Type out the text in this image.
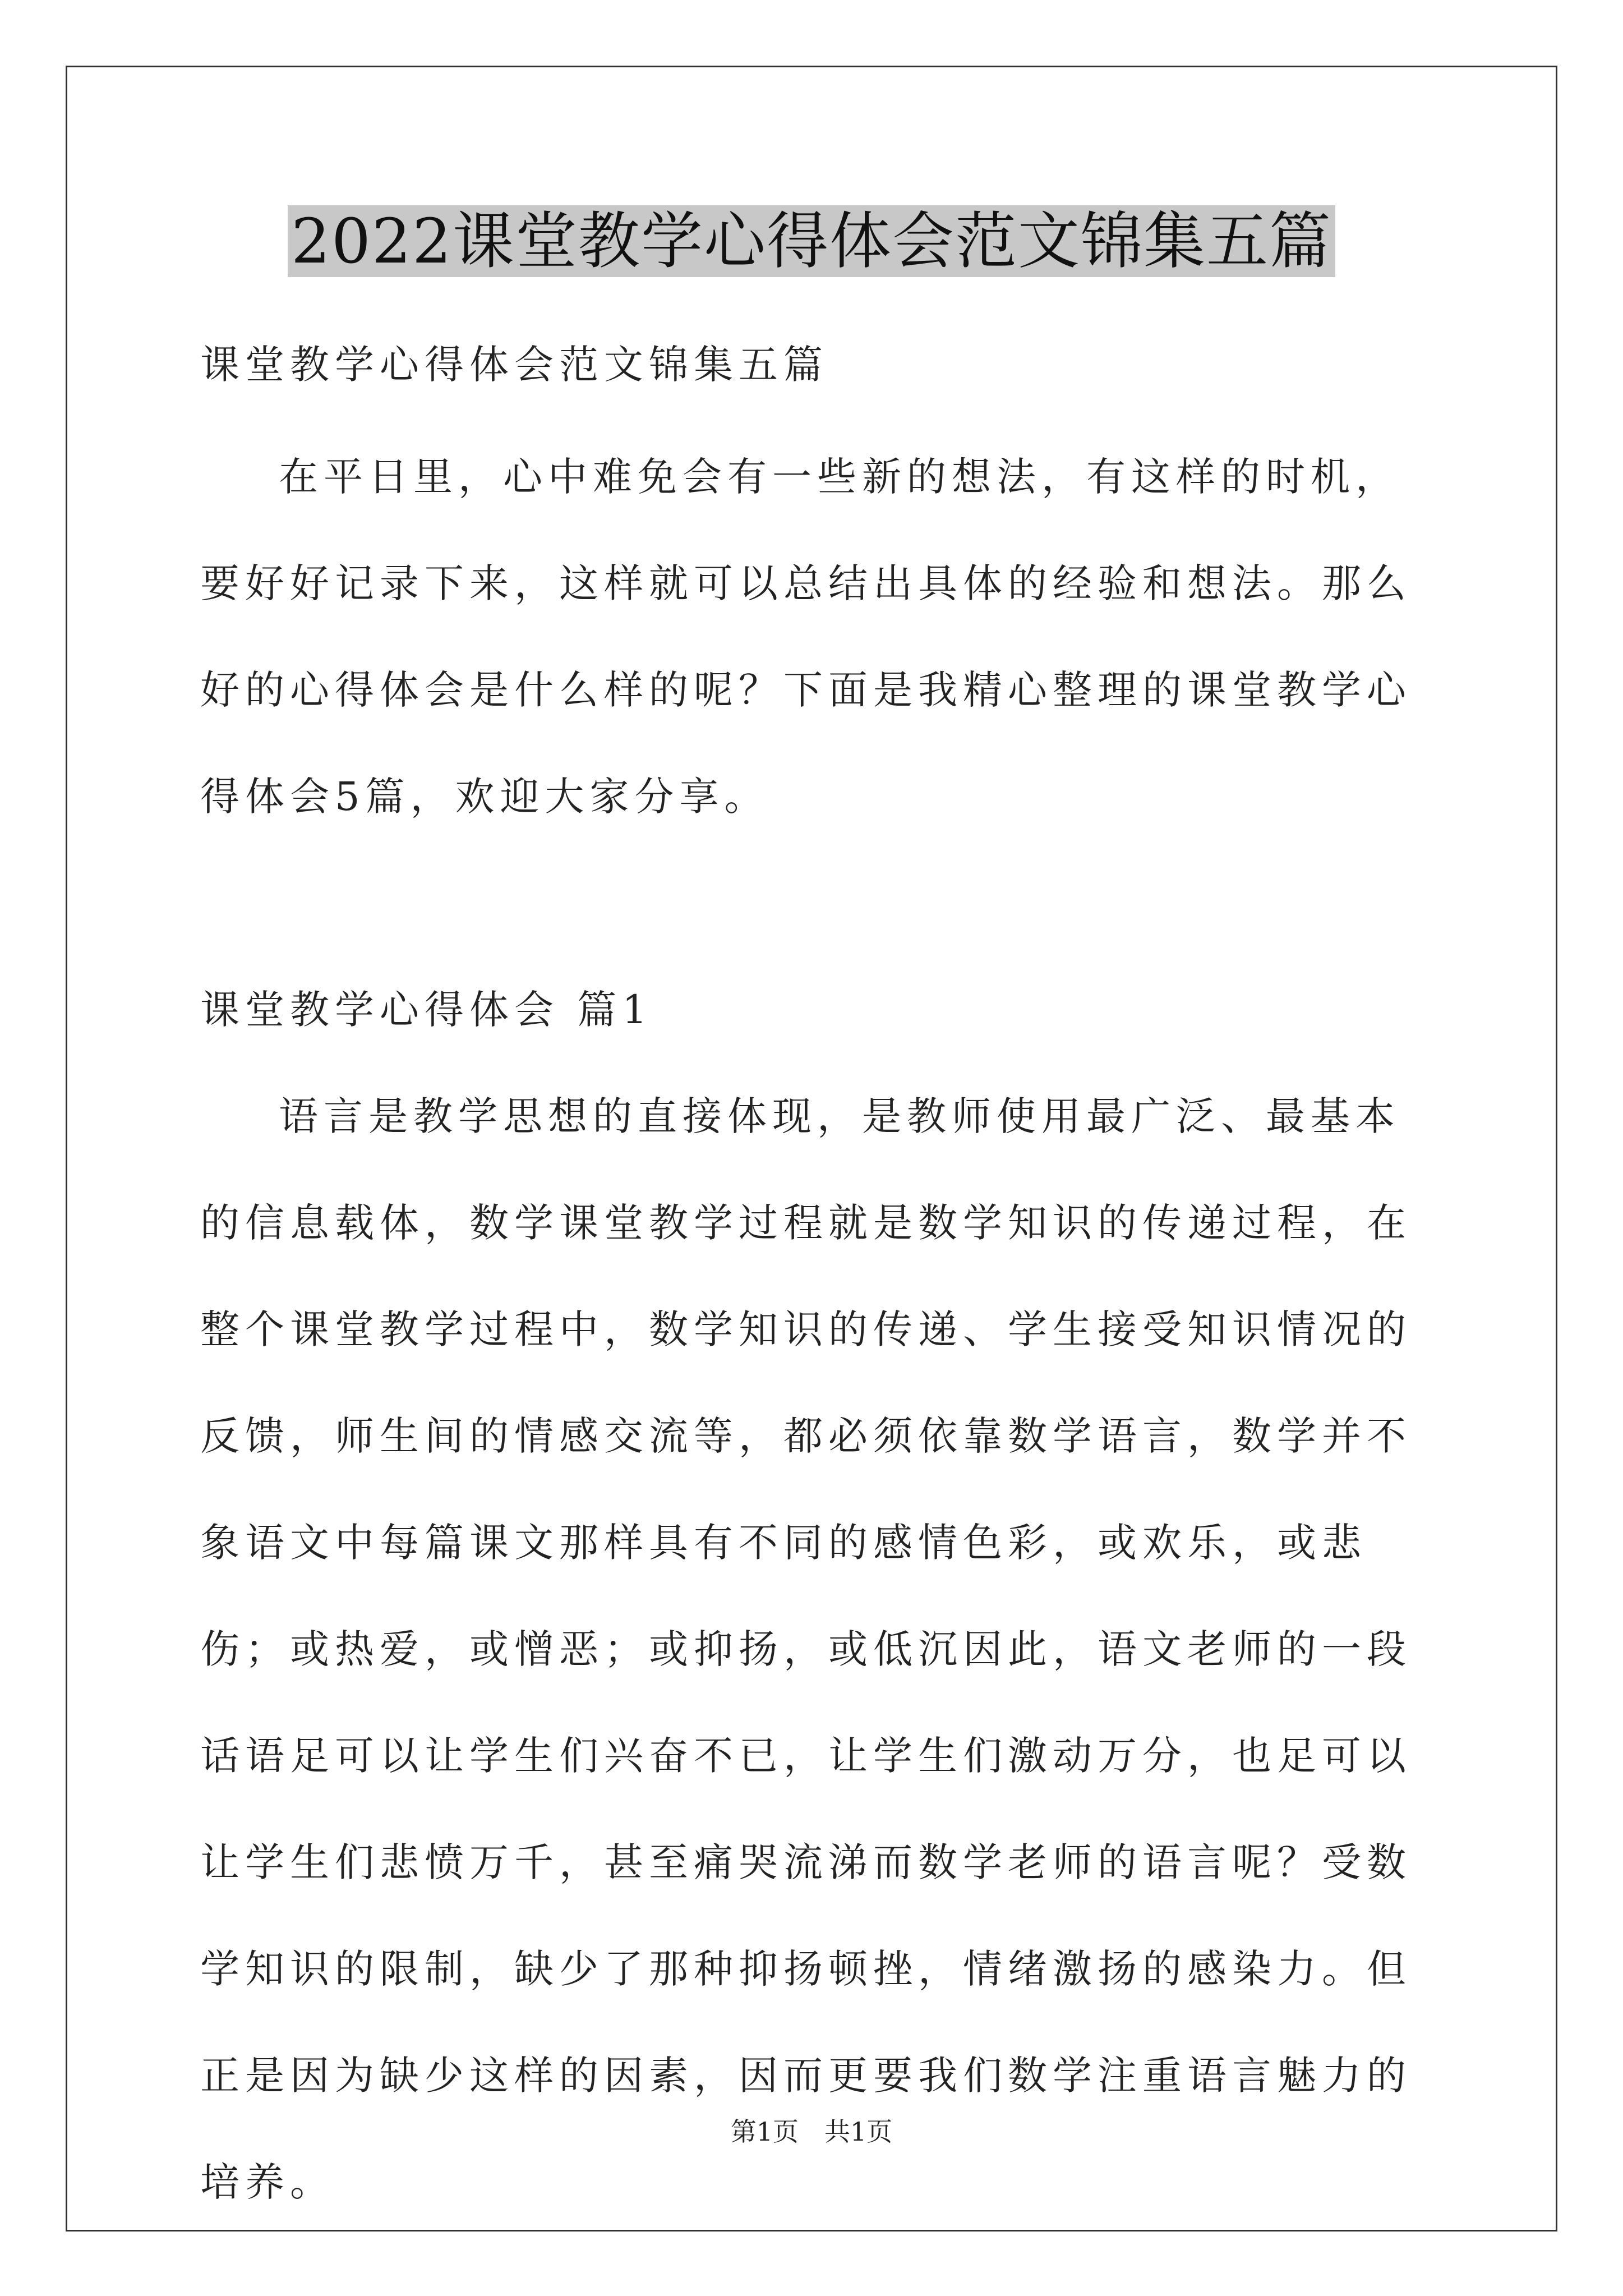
2022课堂教学心得体会范文锦集五篇

课堂教学心得体会范文锦集五篇

在平日里，心中难免会有一些新的想法，有这样的时机，要好好记录下来，这样就可以总结出具体的经验和想法。那么好的心得体会是什么样的呢？下面是我精心整理的课堂教学心得体会5篇，欢迎大家分享。

课堂教学心得体会 篇1

语言是教学思想的直接体现，是教师使用最广泛、最基本的信息载体，数学课堂教学过程就是数学知识的传递过程，在整个课堂教学过程中，数学知识的传递、学生接受知识情况的反馈，师生间的情感交流等，都必须依靠数学语言，数学并不象语文中每篇课文那样具有不同的感情色彩，或欢乐，或悲伤；或热爱，或憎恶；或抑扬，或低沉因此，语文老师的一段话语足可以让学生们兴奋不已，让学生们激动万分，也足可以让学生们悲愤万千，甚至痛哭流涕而数学老师的语言呢？受数学知识的限制，缺少了那种抑扬顿挫，情绪激扬的感染力。但正是因为缺少这样的因素，因而更要我们数学注重语言魅力的培养。

第1页　共1页
